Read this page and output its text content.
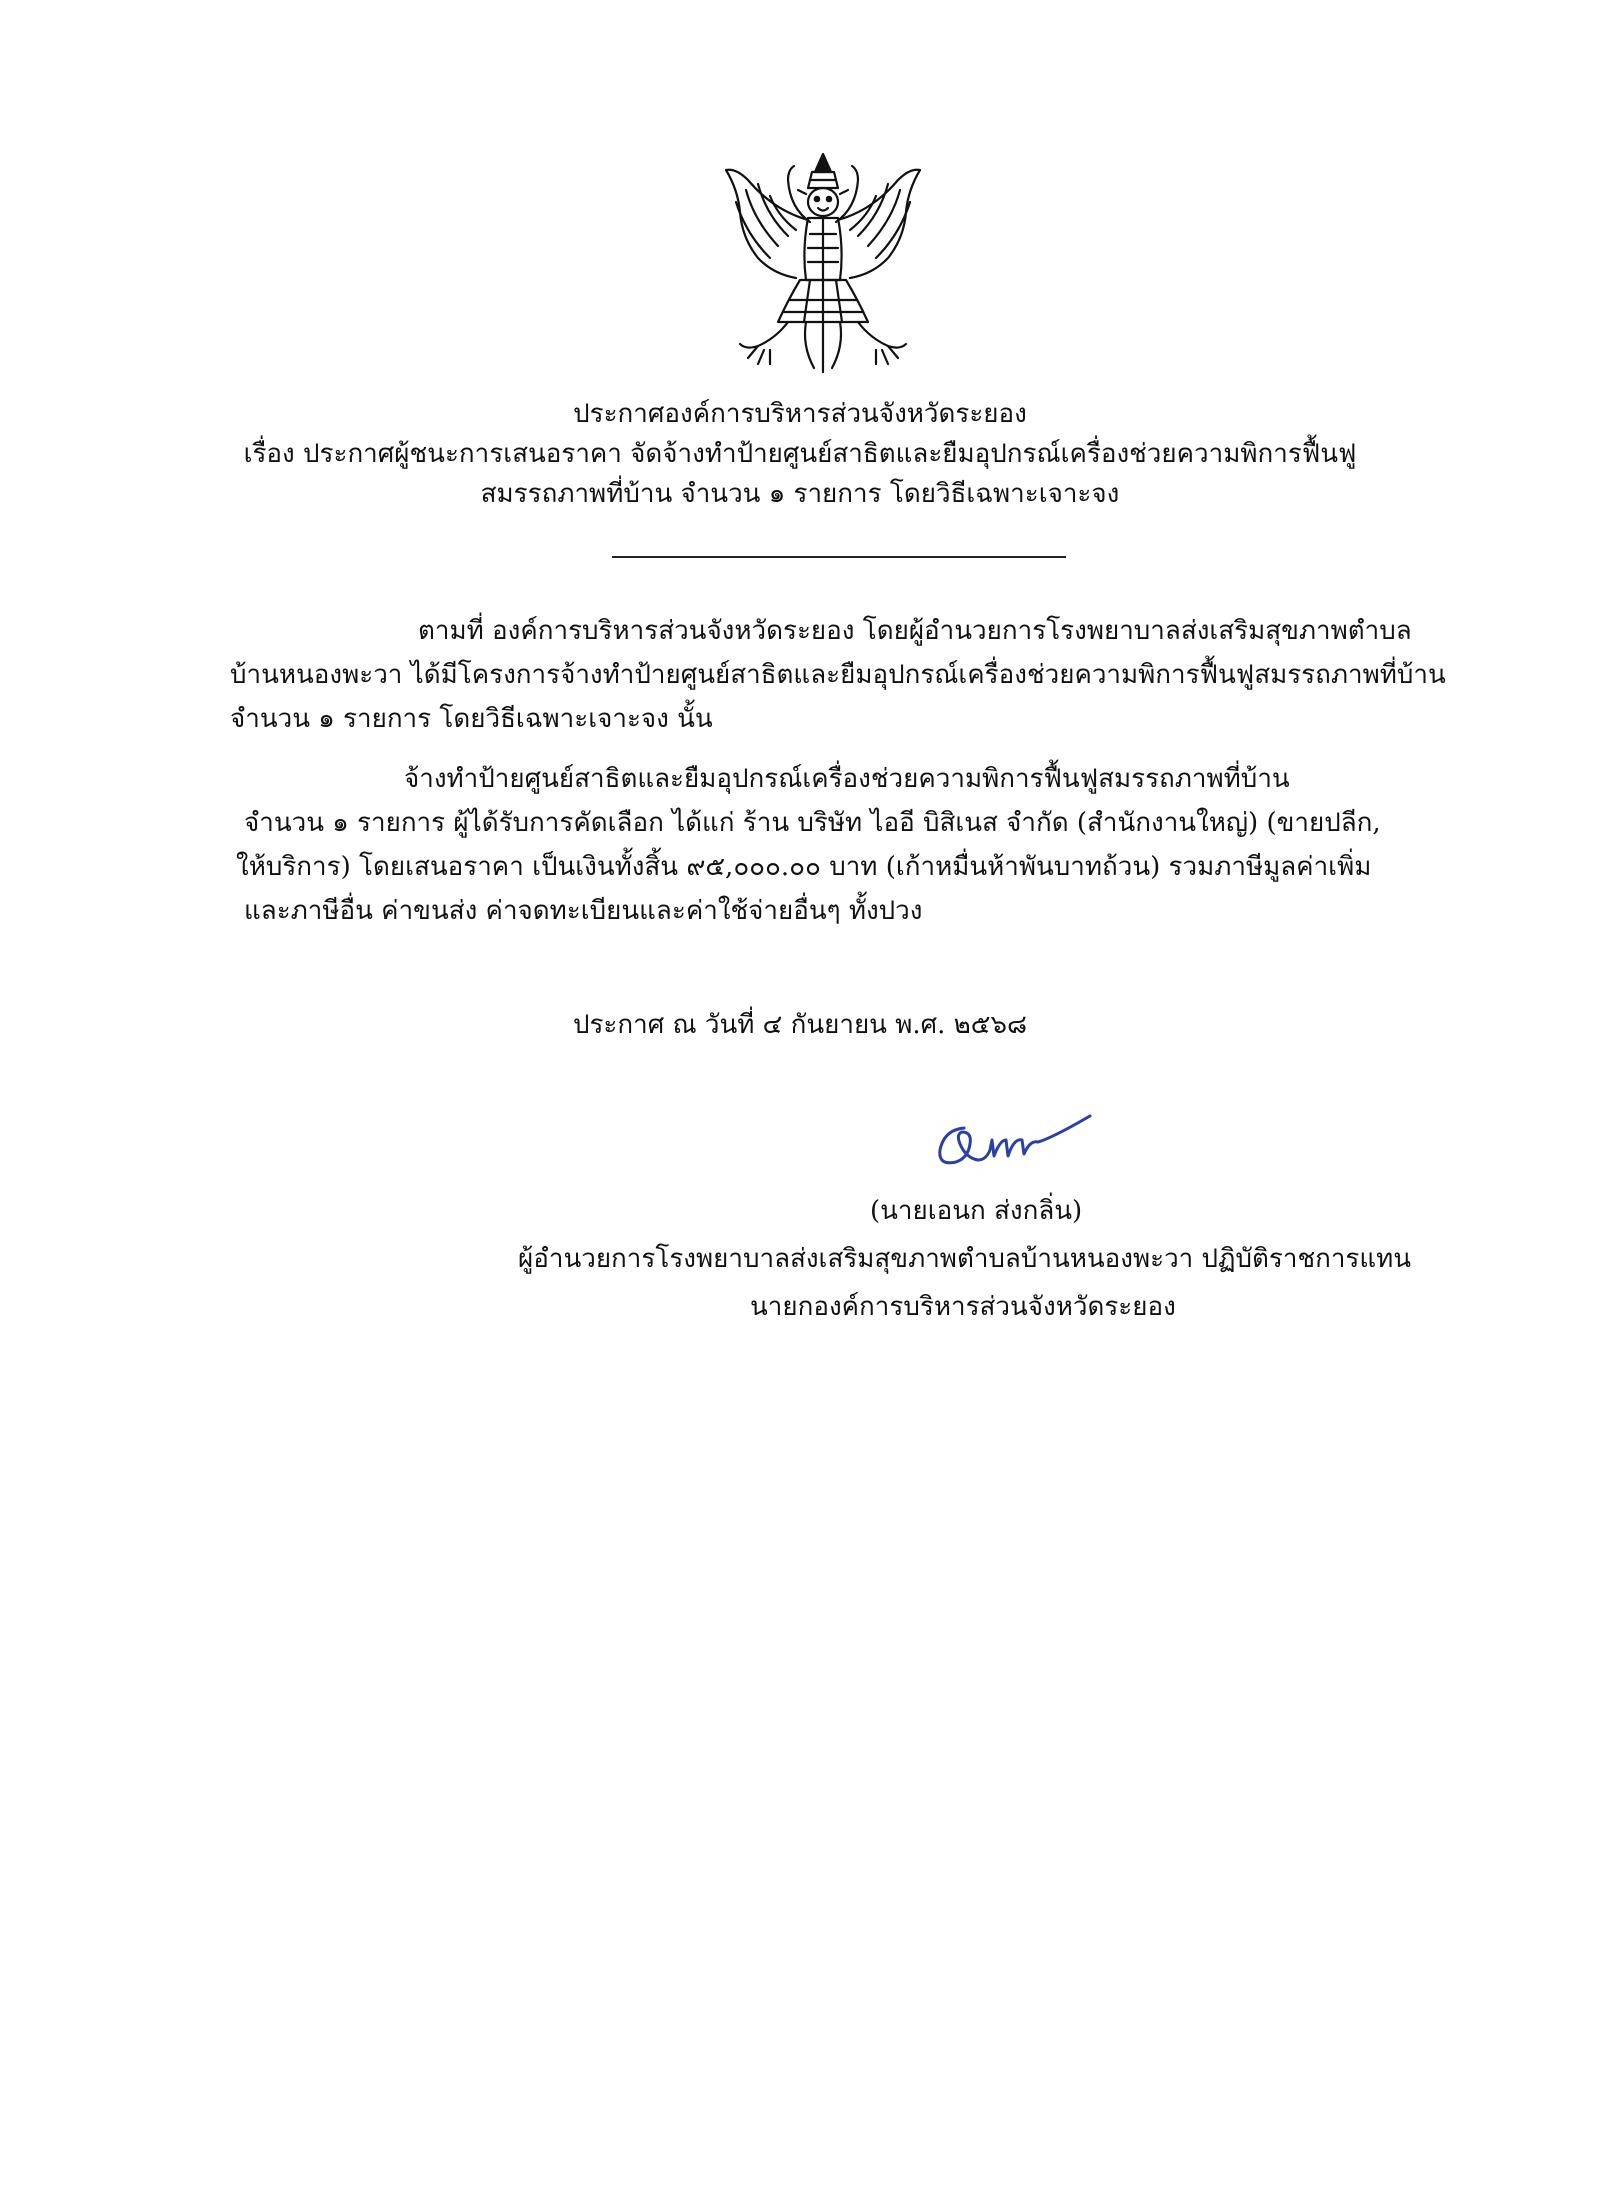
ประกาศองค์การบริหารส่วนจังหวัดระยอง
เรื่อง ประกาศผู้ชนะการเสนอราคา จัดจ้างทำป้ายศูนย์สาธิตและยืมอุปกรณ์เครื่องช่วยความพิการฟื้นฟู
สมรรถภาพที่บ้าน จำนวน ๑ รายการ โดยวิธีเฉพาะเจาะจง
ตามที่ องค์การบริหารส่วนจังหวัดระยอง โดยผู้อำนวยการโรงพยาบาลส่งเสริมสุขภาพตำบล
บ้านหนองพะวา ได้มีโครงการจ้างทำป้ายศูนย์สาธิตและยืมอุปกรณ์เครื่องช่วยความพิการฟื้นฟูสมรรถภาพที่บ้าน
จำนวน ๑ รายการ โดยวิธีเฉพาะเจาะจง นั้น
จ้างทำป้ายศูนย์สาธิตและยืมอุปกรณ์เครื่องช่วยความพิการฟื้นฟูสมรรถภาพที่บ้าน
จำนวน ๑ รายการ ผู้ได้รับการคัดเลือก ได้แก่ ร้าน บริษัท ไออี บิสิเนส จำกัด (สำนักงานใหญ่) (ขายปลีก,
ให้บริการ) โดยเสนอราคา เป็นเงินทั้งสิ้น ๙๕,๐๐๐.๐๐ บาท (เก้าหมื่นห้าพันบาทถ้วน) รวมภาษีมูลค่าเพิ่ม
และภาษีอื่น ค่าขนส่ง ค่าจดทะเบียนและค่าใช้จ่ายอื่นๆ ทั้งปวง
ประกาศ ณ วันที่ ๔ กันยายน พ.ศ. ๒๕๖๘
(นายเอนก ส่งกลิ่น)
ผู้อำนวยการโรงพยาบาลส่งเสริมสุขภาพตำบลบ้านหนองพะวา ปฏิบัติราชการแทน
นายกองค์การบริหารส่วนจังหวัดระยอง
